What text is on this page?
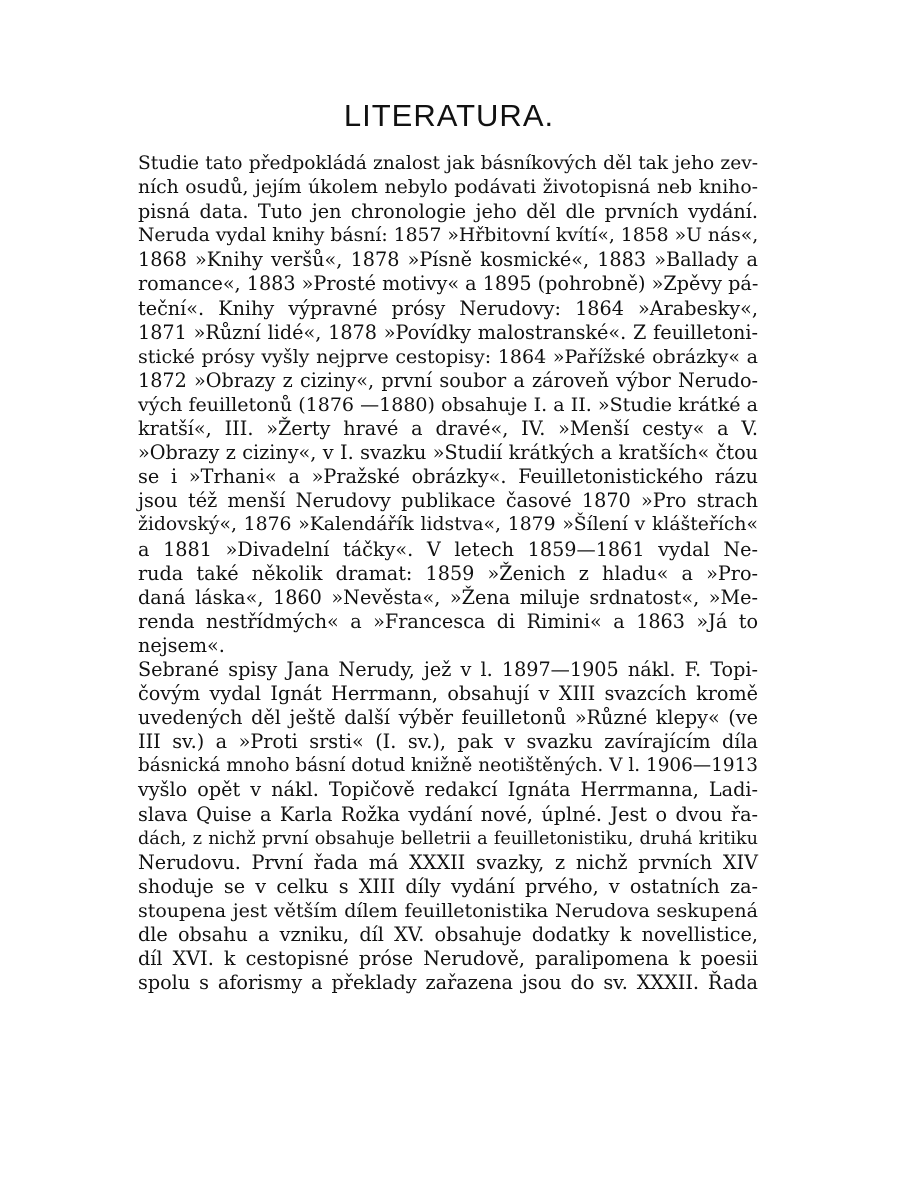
LITERATURA.
Studie tato předpokládá znalost jak básníkových děl tak jeho zev-
ních osudů, jejím úkolem nebylo podávati životopisná neb kniho-
pisná data. Tuto jen chronologie jeho děl dle prvních vydání.
Neruda vydal knihy básní: 1857 »Hřbitovní kvítí«, 1858 »U nás«,
1868 »Knihy veršů«, 1878 »Písně kosmické«, 1883 »Ballady a
romance«, 1883 »Prosté motivy« a 1895 (pohrobně) »Zpěvy pá-
teční«. Knihy výpravné prósy Nerudovy: 1864 »Arabesky«,
1871 »Různí lidé«, 1878 »Povídky malostranské«. Z feuilletoni-
stické prósy vyšly nejprve cestopisy: 1864 »Pařížské obrázky« a
1872 »Obrazy z ciziny«, první soubor a zároveň výbor Nerudo-
vých feuilletonů (1876 —1880) obsahuje I. a II. »Studie krátké a
kratší«, III. »Žerty hravé a dravé«, IV. »Menší cesty« a V.
»Obrazy z ciziny«, v I. svazku »Studií krátkých a kratších« čtou
se i »Trhani« a »Pražské obrázky«. Feuilletonistického rázu
jsou též menší Nerudovy publikace časové 1870 »Pro strach
židovský«, 1876 »Kalendářík lidstva«, 1879 »Šílení v klášteřích«
a 1881 »Divadelní táčky«. V letech 1859—1861 vydal Ne-
ruda také několik dramat: 1859 »Ženich z hladu« a »Pro-
daná láska«, 1860 »Nevěsta«, »Žena miluje srdnatost«, »Me-
renda nestřídmých« a »Francesca di Rimini« a 1863 »Já to
nejsem«.
Sebrané spisy Jana Nerudy, jež v l. 1897—1905 nákl. F. Topi-
čovým vydal Ignát Herrmann, obsahují v XIII svazcích kromě
uvedených děl ještě další výběr feuilletonů »Různé klepy« (ve
III sv.) a »Proti srsti« (I. sv.), pak v svazku zavírajícím díla
básnická mnoho básní dotud knižně neotištěných. V l. 1906—1913
vyšlo opět v nákl. Topičově redakcí Ignáta Herrmanna, Ladi-
slava Quise a Karla Rožka vydání nové, úplné. Jest o dvou řa-
dách, z nichž první obsahuje belletrii a feuilletonistiku, druhá kritiku
Nerudovu. První řada má XXXII svazky, z nichž prvních XIV
shoduje se v celku s XIII díly vydání prvého, v ostatních za-
stoupena jest větším dílem feuilletonistika Nerudova seskupená
dle obsahu a vzniku, díl XV. obsahuje dodatky k novellistice,
díl XVI. k cestopisné próse Nerudově, paralipomena k poesii
spolu s aforismy a překlady zařazena jsou do sv. XXXII. Řada
